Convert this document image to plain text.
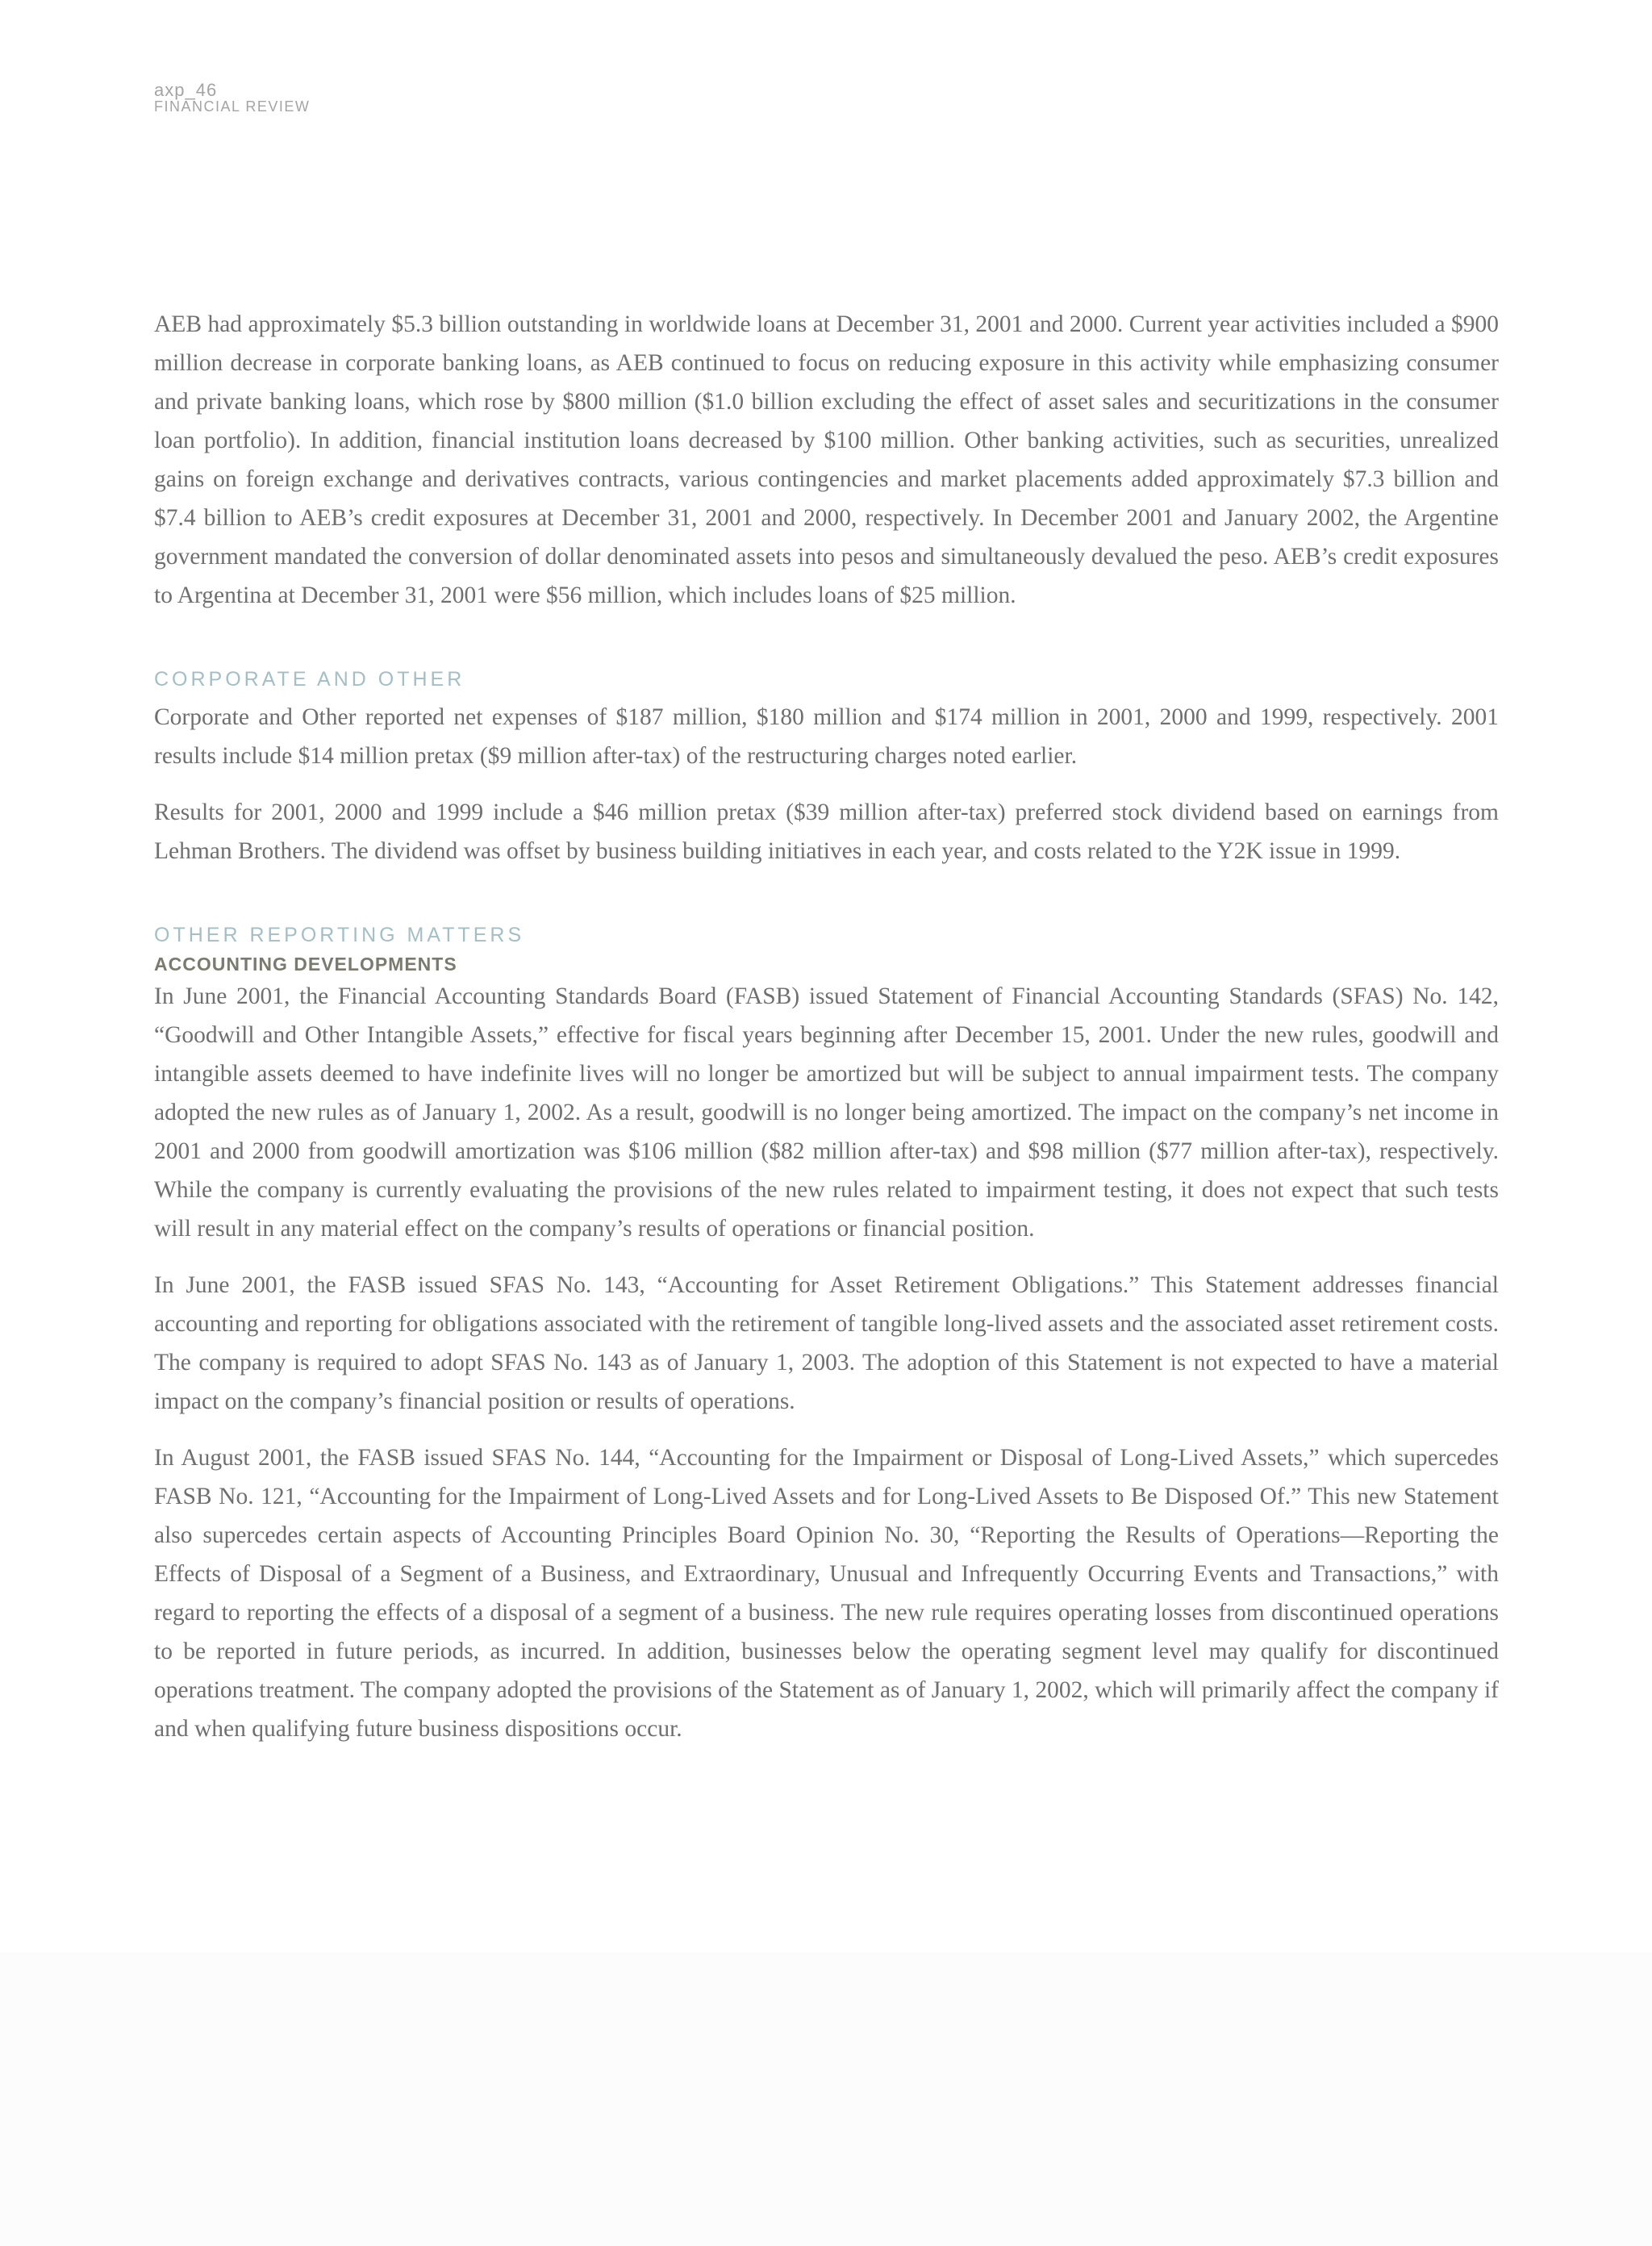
axp_46
FINANCIAL REVIEW

AEB had approximately $5.3 billion outstanding in worldwide loans at December 31, 2001 and 2000. Current year activities included a $900 million decrease in corporate banking loans, as AEB continued to focus on reducing exposure in this activity while emphasizing consumer and private banking loans, which rose by $800 million ($1.0 billion excluding the effect of asset sales and securitizations in the consumer loan portfolio). In addition, financial institution loans decreased by $100 million. Other banking activities, such as securities, unrealized gains on foreign exchange and derivatives contracts, various contingencies and market placements added approximately $7.3 billion and $7.4 billion to AEB’s credit exposures at December 31, 2001 and 2000, respectively. In December 2001 and January 2002, the Argentine government mandated the conversion of dollar denominated assets into pesos and simultaneously devalued the peso. AEB’s credit exposures to Argentina at December 31, 2001 were $56 million, which includes loans of $25 million.

CORPORATE AND OTHER

Corporate and Other reported net expenses of $187 million, $180 million and $174 million in 2001, 2000 and 1999, respectively. 2001 results include $14 million pretax ($9 million after-tax) of the restructuring charges noted earlier.

Results for 2001, 2000 and 1999 include a $46 million pretax ($39 million after-tax) preferred stock dividend based on earnings from Lehman Brothers. The dividend was offset by business building initiatives in each year, and costs related to the Y2K issue in 1999.

OTHER REPORTING MATTERS
ACCOUNTING DEVELOPMENTS

In June 2001, the Financial Accounting Standards Board (FASB) issued Statement of Financial Accounting Standards (SFAS) No. 142, “Goodwill and Other Intangible Assets,” effective for fiscal years beginning after December 15, 2001. Under the new rules, goodwill and intangible assets deemed to have indefinite lives will no longer be amortized but will be subject to annual impairment tests. The company adopted the new rules as of January 1, 2002. As a result, goodwill is no longer being amortized. The impact on the company’s net income in 2001 and 2000 from goodwill amortization was $106 million ($82 million after-tax) and $98 million ($77 million after-tax), respectively. While the company is currently evaluating the provisions of the new rules related to impairment testing, it does not expect that such tests will result in any material effect on the company’s results of operations or financial position.

In June 2001, the FASB issued SFAS No. 143, “Accounting for Asset Retirement Obligations.” This Statement addresses financial accounting and reporting for obligations associated with the retirement of tangible long-lived assets and the associated asset retirement costs. The company is required to adopt SFAS No. 143 as of January 1, 2003. The adoption of this Statement is not expected to have a material impact on the company’s financial position or results of operations.

In August 2001, the FASB issued SFAS No. 144, “Accounting for the Impairment or Disposal of Long-Lived Assets,” which supercedes FASB No. 121, “Accounting for the Impairment of Long-Lived Assets and for Long-Lived Assets to Be Disposed Of.” This new Statement also supercedes certain aspects of Accounting Principles Board Opinion No. 30, “Reporting the Results of Operations—Reporting the Effects of Disposal of a Segment of a Business, and Extraordinary, Unusual and Infrequently Occurring Events and Transactions,” with regard to reporting the effects of a disposal of a segment of a business. The new rule requires operating losses from discontinued operations to be reported in future periods, as incurred. In addition, businesses below the operating segment level may qualify for discontinued operations treatment. The company adopted the provisions of the Statement as of January 1, 2002, which will primarily affect the company if and when qualifying future business dispositions occur.
